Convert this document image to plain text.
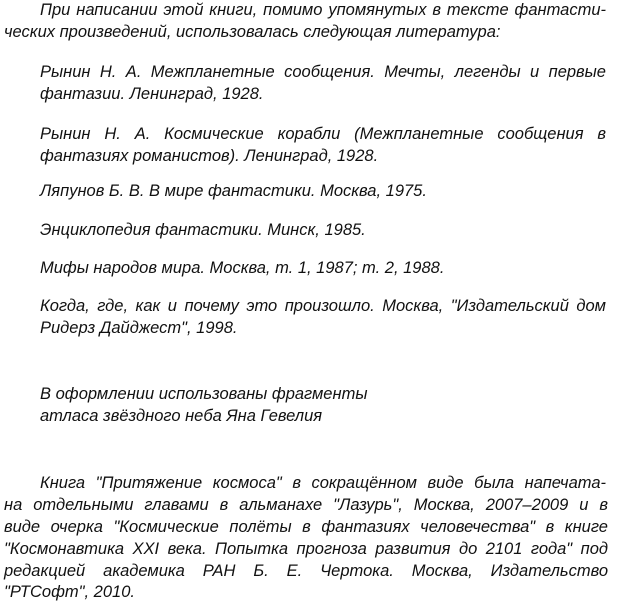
При написании этой книги, помимо упомянутых в тексте фантасти-
ческих произведений, использовалась следующая литература:
Рынин Н. А. Межпланетные сообщения. Мечты, легенды и первые
фантазии. Ленинград, 1928.
Рынин Н. А. Космические корабли (Межпланетные сообщения в
фантазиях романистов). Ленинград, 1928.
Ляпунов Б. В. В мире фантастики. Москва, 1975.
Энциклопедия фантастики. Минск, 1985.
Мифы народов мира. Москва, т. 1, 1987; т. 2, 1988.
Когда, где, как и почему это произошло. Москва, "Издательский дом
Ридерз Дайджест", 1998.
В оформлении использованы фрагменты
атласа звёздного неба Яна Гевелия
Книга "Притяжение космоса" в сокращённом виде была напечата-
на отдельными главами в альманахе "Лазурь", Москва, 2007–2009 и в
виде очерка "Космические полёты в фантазиях человечества" в книге
"Космонавтика XXI века. Попытка прогноза развития до 2101 года" под
редакцией академика РАН Б. Е. Чертока. Москва, Издательство
"РТСофт", 2010.
